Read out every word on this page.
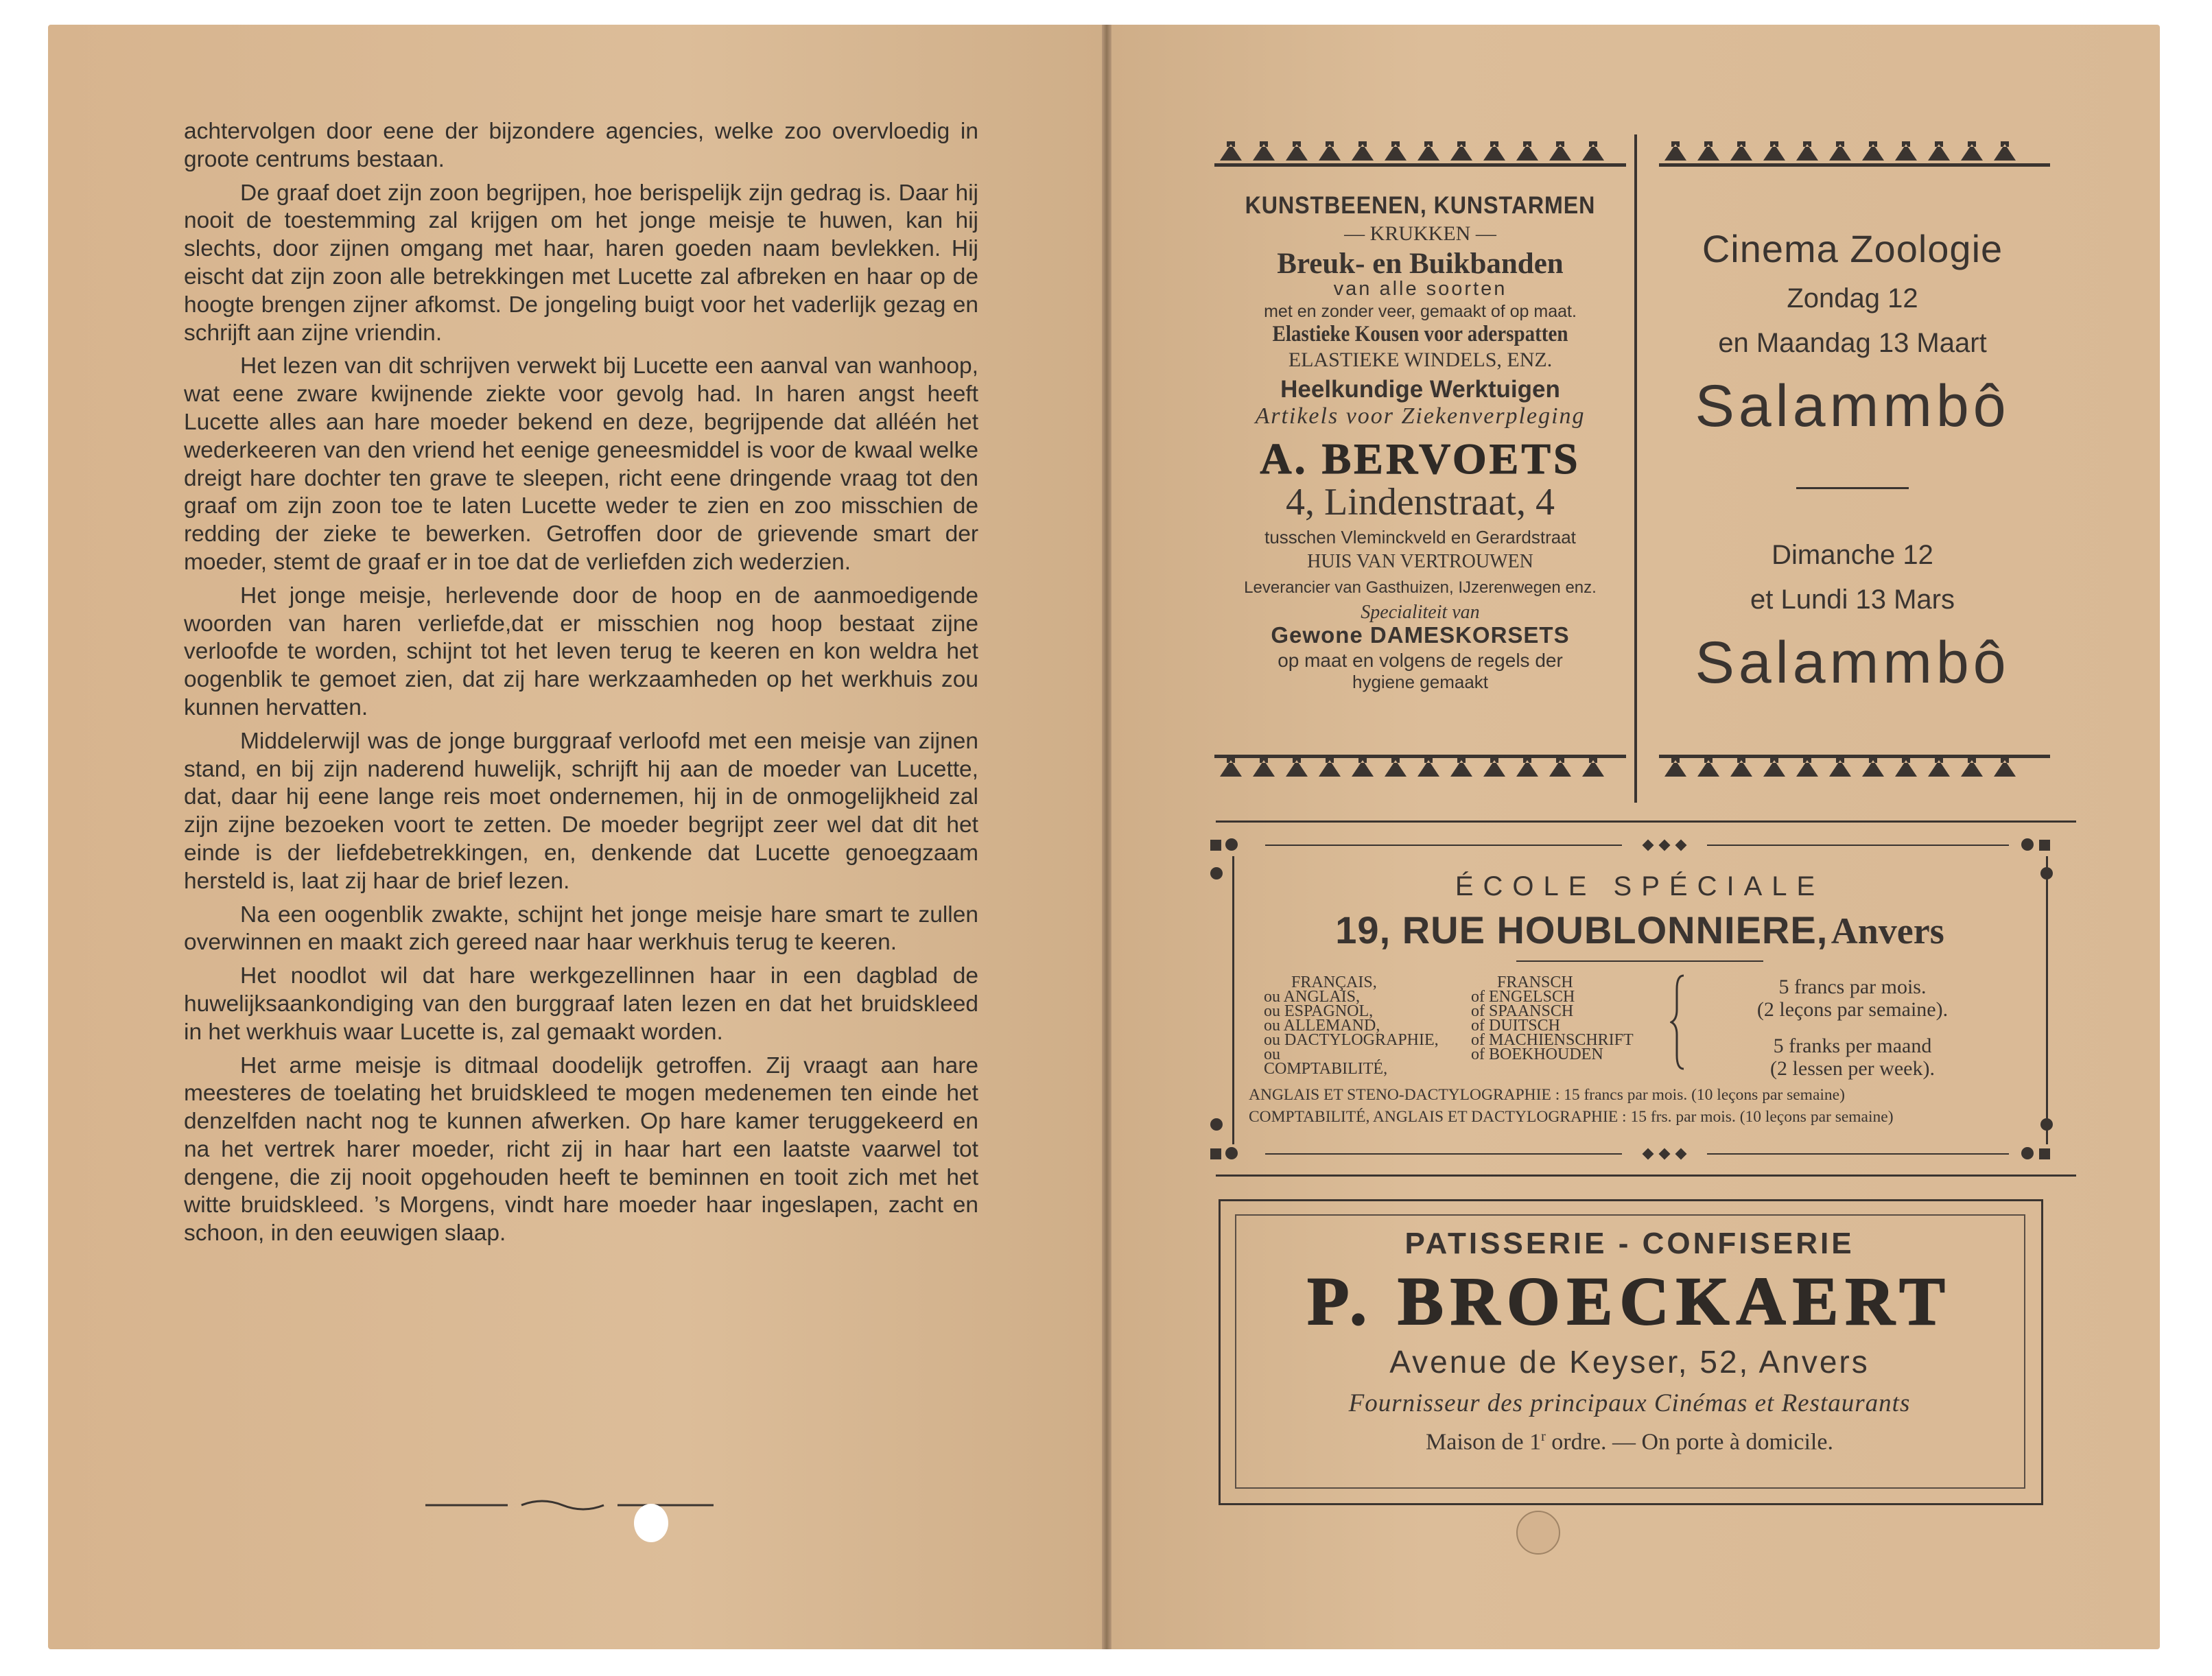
achtervolgen door eene der bijzondere agencies, welke zoo overvloedig in groote centrums bestaan.

De graaf doet zijn zoon begrijpen, hoe berispelijk zijn gedrag is. Daar hij nooit de toestemming zal krijgen om het jonge meisje te huwen, kan hij slechts, door zijnen omgang met haar, haren goeden naam bevlekken. Hij eischt dat zijn zoon alle betrekkingen met Lucette zal afbreken en haar op de hoogte brengen zijner afkomst. De jongeling buigt voor het vaderlijk gezag en schrijft aan zijne vriendin.

Het lezen van dit schrijven verwekt bij Lucette een aanval van wanhoop, wat eene zware kwijnende ziekte voor gevolg had. In haren angst heeft Lucette alles aan hare moeder bekend en deze, begrijpende dat alléén het wederkeeren van den vriend het eenige geneesmiddel is voor de kwaal welke dreigt hare dochter ten grave te sleepen, richt eene dringende vraag tot den graaf om zijn zoon toe te laten Lucette weder te zien en zoo misschien de redding der zieke te bewerken. Getroffen door de grievende smart der moeder, stemt de graaf er in toe dat de verliefden zich wederzien.

Het jonge meisje, herlevende door de hoop en de aanmoedigende woorden van haren verliefde,dat er misschien nog hoop bestaat zijne verloofde te worden, schijnt tot het leven terug te keeren en kon weldra het oogenblik te gemoet zien, dat zij hare werkzaamheden op het werkhuis zou kunnen hervatten.

Middelerwijl was de jonge burggraaf verloofd met een meisje van zijnen stand, en bij zijn naderend huwelijk, schrijft hij aan de moeder van Lucette, dat, daar hij eene lange reis moet ondernemen, hij in de onmogelijkheid zal zijn zijne bezoeken voort te zetten. De moeder begrijpt zeer wel dat dit het einde is der liefdebetrekkingen, en, denkende dat Lucette genoegzaam hersteld is, laat zij haar de brief lezen.

Na een oogenblik zwakte, schijnt het jonge meisje hare smart te zullen overwinnen en maakt zich gereed naar haar werkhuis terug te keeren.

Het noodlot wil dat hare werkgezellinnen haar in een dagblad de huwelijksaankondiging van den burggraaf laten lezen en dat het bruidskleed in het werkhuis waar Lucette is, zal gemaakt worden.

Het arme meisje is ditmaal doodelijk getroffen. Zij vraagt aan hare meesteres de toelating het bruidskleed te mogen medenemen ten einde het denzelfden nacht nog te kunnen afwerken. Op hare kamer teruggekeerd en na het vertrek harer moeder, richt zij in haar hart een laatste vaarwel tot dengene, die zij nooit opgehouden heeft te beminnen en tooit zich met het witte bruidskleed. ’s Morgens, vindt hare moeder haar ingeslapen, zacht en schoon, in den eeuwigen slaap.

KUNSTBEENEN, KUNSTARMEN
— KRUKKEN —
Breuk- en Buikbanden
van alle soorten
met en zonder veer, gemaakt of op maat.
Elastieke Kousen voor aderspatten
ELASTIEKE WINDELS, ENZ.
Heelkundige Werktuigen
Artikels voor Ziekenverpleging
A. BERVOETS
4, Lindenstraat, 4
tusschen Vleminckveld en Gerardstraat
HUIS VAN VERTROUWEN
Leverancier van Gasthuizen, IJzerenwegen enz.
Specialiteit van
Gewone DAMESKORSETS
op maat en volgens de regels der
hygiene gemaakt
Cinema Zoologie
Zondag 12
en Maandag 13 Maart
Salammbô
Dimanche 12
et Lundi 13 Mars
Salammbô
ÉCOLE SPÉCIALE
19, RUE HOUBLONNIERE, Anvers
FRANÇAIS,
ou ANGLAIS,
ou ESPAGNOL,
ou ALLEMAND,
ou DACTYLOGRAPHIE,
ou COMPTABILITÉ,
FRANSCH
of ENGELSCH
of SPAANSCH
of DUITSCH
of MACHIENSCHRIFT
of BOEKHOUDEN
5 francs par mois.
(2 leçons par semaine).
5 franks per maand
(2 lessen per week).
ANGLAIS ET STENO-DACTYLOGRAPHIE : 15 francs par mois. (10 leçons par semaine)
COMPTABILITÉ, ANGLAIS ET DACTYLOGRAPHIE : 15 frs. par mois. (10 leçons par semaine)
PATISSERIE - CONFISERIE
P. BROECKAERT
Avenue de Keyser, 52, Anvers
Fournisseur des principaux Cinémas et Restaurants
Maison de 1$^r$ ordre. — On porte à domicile.
